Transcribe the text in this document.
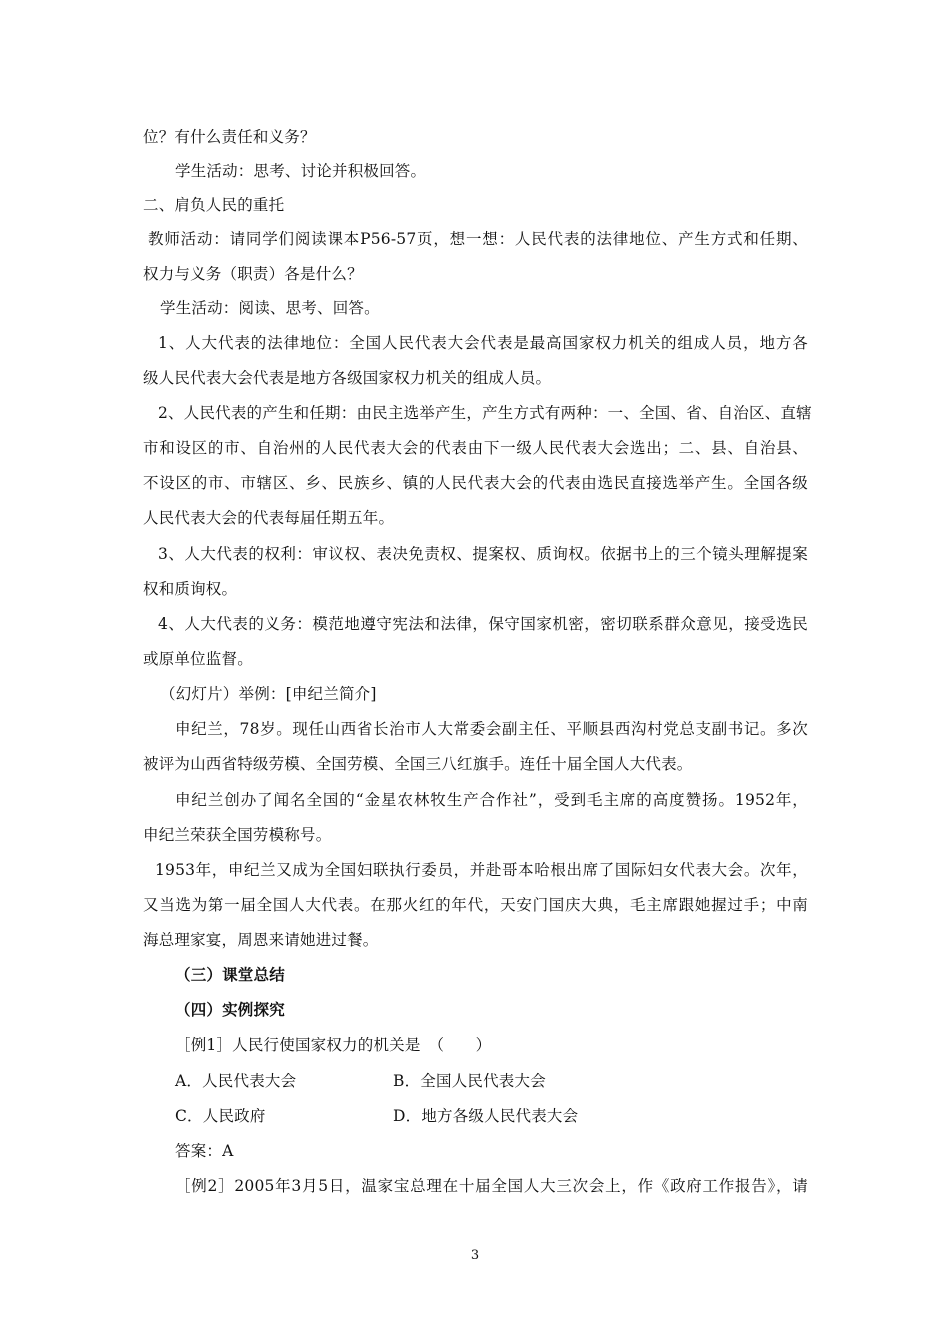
位？有什么责任和义务？
学生活动：思考、讨论并积极回答。
二、肩负人民的重托
教师活动：请同学们阅读课本P56-57页，想一想：人民代表的法律地位、产生方式和任期、
权力与义务（职责）各是什么？
学生活动：阅读、思考、回答。
1、人大代表的法律地位：全国人民代表大会代表是最高国家权力机关的组成人员，地方各
级人民代表大会代表是地方各级国家权力机关的组成人员。
2、人民代表的产生和任期：由民主选举产生，产生方式有两种：一、全国、省、自治区、直辖
市和设区的市、自治州的人民代表大会的代表由下一级人民代表大会选出；二、县、自治县、
不设区的市、市辖区、乡、民族乡、镇的人民代表大会的代表由选民直接选举产生。全国各级
人民代表大会的代表每届任期五年。
3、人大代表的权利：审议权、表决免责权、提案权、质询权。依据书上的三个镜头理解提案
权和质询权。
4、人大代表的义务：模范地遵守宪法和法律，保守国家机密，密切联系群众意见，接受选民
或原单位监督。
（幻灯片）举例：[申纪兰简介]
申纪兰，78岁。现任山西省长治市人大常委会副主任、平顺县西沟村党总支副书记。多次
被评为山西省特级劳模、全国劳模、全国三八红旗手。连任十届全国人大代表。
申纪兰创办了闻名全国的“金星农林牧生产合作社”，受到毛主席的高度赞扬。1952年，
申纪兰荣获全国劳模称号。
1953年，申纪兰又成为全国妇联执行委员，并赴哥本哈根出席了国际妇女代表大会。次年，
又当选为第一届全国人大代表。在那火红的年代，天安门国庆大典，毛主席跟她握过手；中南
海总理家宴，周恩来请她进过餐。
（三）课堂总结
（四）实例探究
［例1］人民行使国家权力的机关是　（　　）
A．人民代表大会	B．全国人民代表大会
C．人民政府	D．地方各级人民代表大会
答案：A
［例2］2005年3月5日，温家宝总理在十届全国人大三次会上，作《政府工作报告》，请
3
